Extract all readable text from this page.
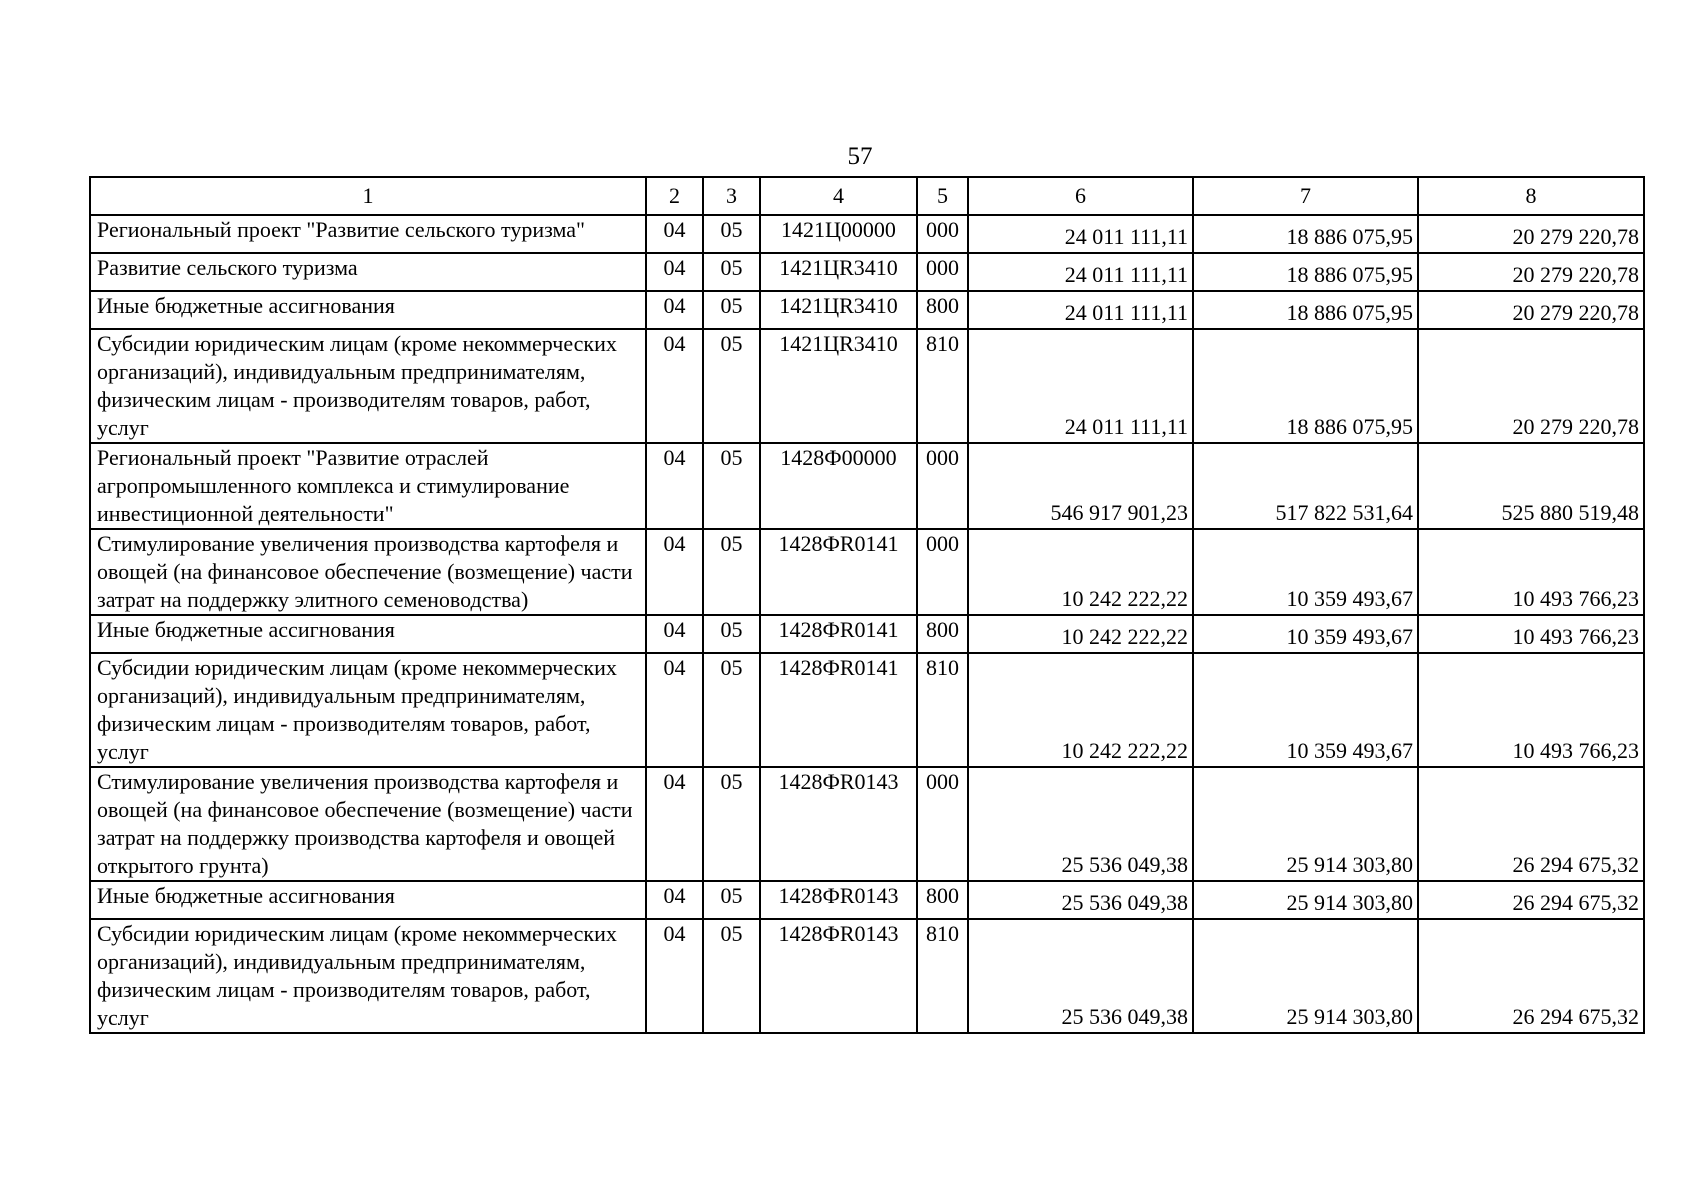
57
1	2	3	4	5	6	7	8
Региональный проект "Развитие сельского туризма"	04	05	1421Ц00000	000	24 011 111,11	18 886 075,95	20 279 220,78
Развитие сельского туризма	04	05	1421ЦR3410	000	24 011 111,11	18 886 075,95	20 279 220,78
Иные бюджетные ассигнования	04	05	1421ЦR3410	800	24 011 111,11	18 886 075,95	20 279 220,78
Субсидии юридическим лицам (кроме некоммерческих организаций), индивидуальным предпринимателям, физическим лицам - производителям товаров, работ, услуг	04	05	1421ЦR3410	810	24 011 111,11	18 886 075,95	20 279 220,78
Региональный проект "Развитие отраслей агропромышленного комплекса и стимулирование инвестиционной деятельности"	04	05	1428Ф00000	000	546 917 901,23	517 822 531,64	525 880 519,48
Стимулирование увеличения производства картофеля и овощей (на финансовое обеспечение (возмещение) части затрат на поддержку элитного семеноводства)	04	05	1428ФR0141	000	10 242 222,22	10 359 493,67	10 493 766,23
Иные бюджетные ассигнования	04	05	1428ФR0141	800	10 242 222,22	10 359 493,67	10 493 766,23
Субсидии юридическим лицам (кроме некоммерческих организаций), индивидуальным предпринимателям, физическим лицам - производителям товаров, работ, услуг	04	05	1428ФR0141	810	10 242 222,22	10 359 493,67	10 493 766,23
Стимулирование увеличения производства картофеля и овощей (на финансовое обеспечение (возмещение) части затрат на поддержку производства картофеля и овощей открытого грунта)	04	05	1428ФR0143	000	25 536 049,38	25 914 303,80	26 294 675,32
Иные бюджетные ассигнования	04	05	1428ФR0143	800	25 536 049,38	25 914 303,80	26 294 675,32
Субсидии юридическим лицам (кроме некоммерческих организаций), индивидуальным предпринимателям, физическим лицам - производителям товаров, работ, услуг	04	05	1428ФR0143	810	25 536 049,38	25 914 303,80	26 294 675,32
